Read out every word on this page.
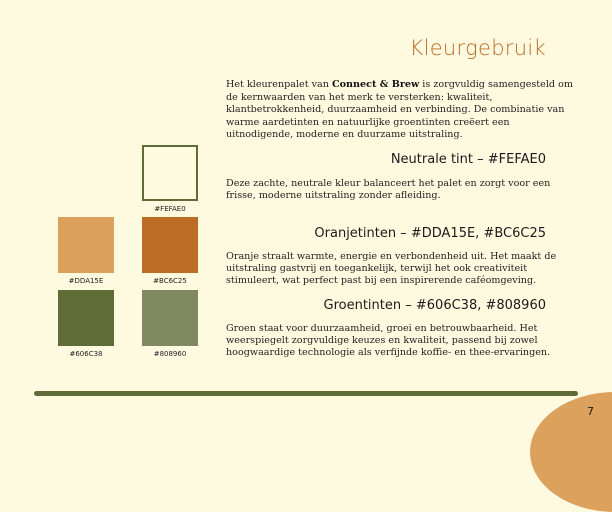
Kleurgebruik

Het kleurenpalet van Connect & Brew is zorgvuldig samengesteld om de kernwaarden van het merk te versterken: kwaliteit, klantbetrokkenheid, duurzaamheid en verbinding. De combinatie van warme aardetinten en natuurlijke groentinten creëert een uitnodigende, moderne en duurzame uitstraling.

#FEFAE0
#DDA15E	#BC6C25
#606C38	#808960
Neutrale tint – #FEFAE0

Deze zachte, neutrale kleur balanceert het palet en zorgt voor een frisse, moderne uitstraling zonder afleiding.

Oranjetinten – #DDA15E, #BC6C25

Oranje straalt warmte, energie en verbondenheid uit. Het maakt de uitstraling gastvrij en toegankelijk, terwijl het ook creativiteit stimuleert, wat perfect past bij een inspirerende caféomgeving.

Groentinten – #606C38, #808960

Groen staat voor duurzaamheid, groei en betrouwbaarheid. Het weerspiegelt zorgvuldige keuzes en kwaliteit, passend bij zowel hoogwaardige technologie als verfijnde koffie- en thee-ervaringen.

7
